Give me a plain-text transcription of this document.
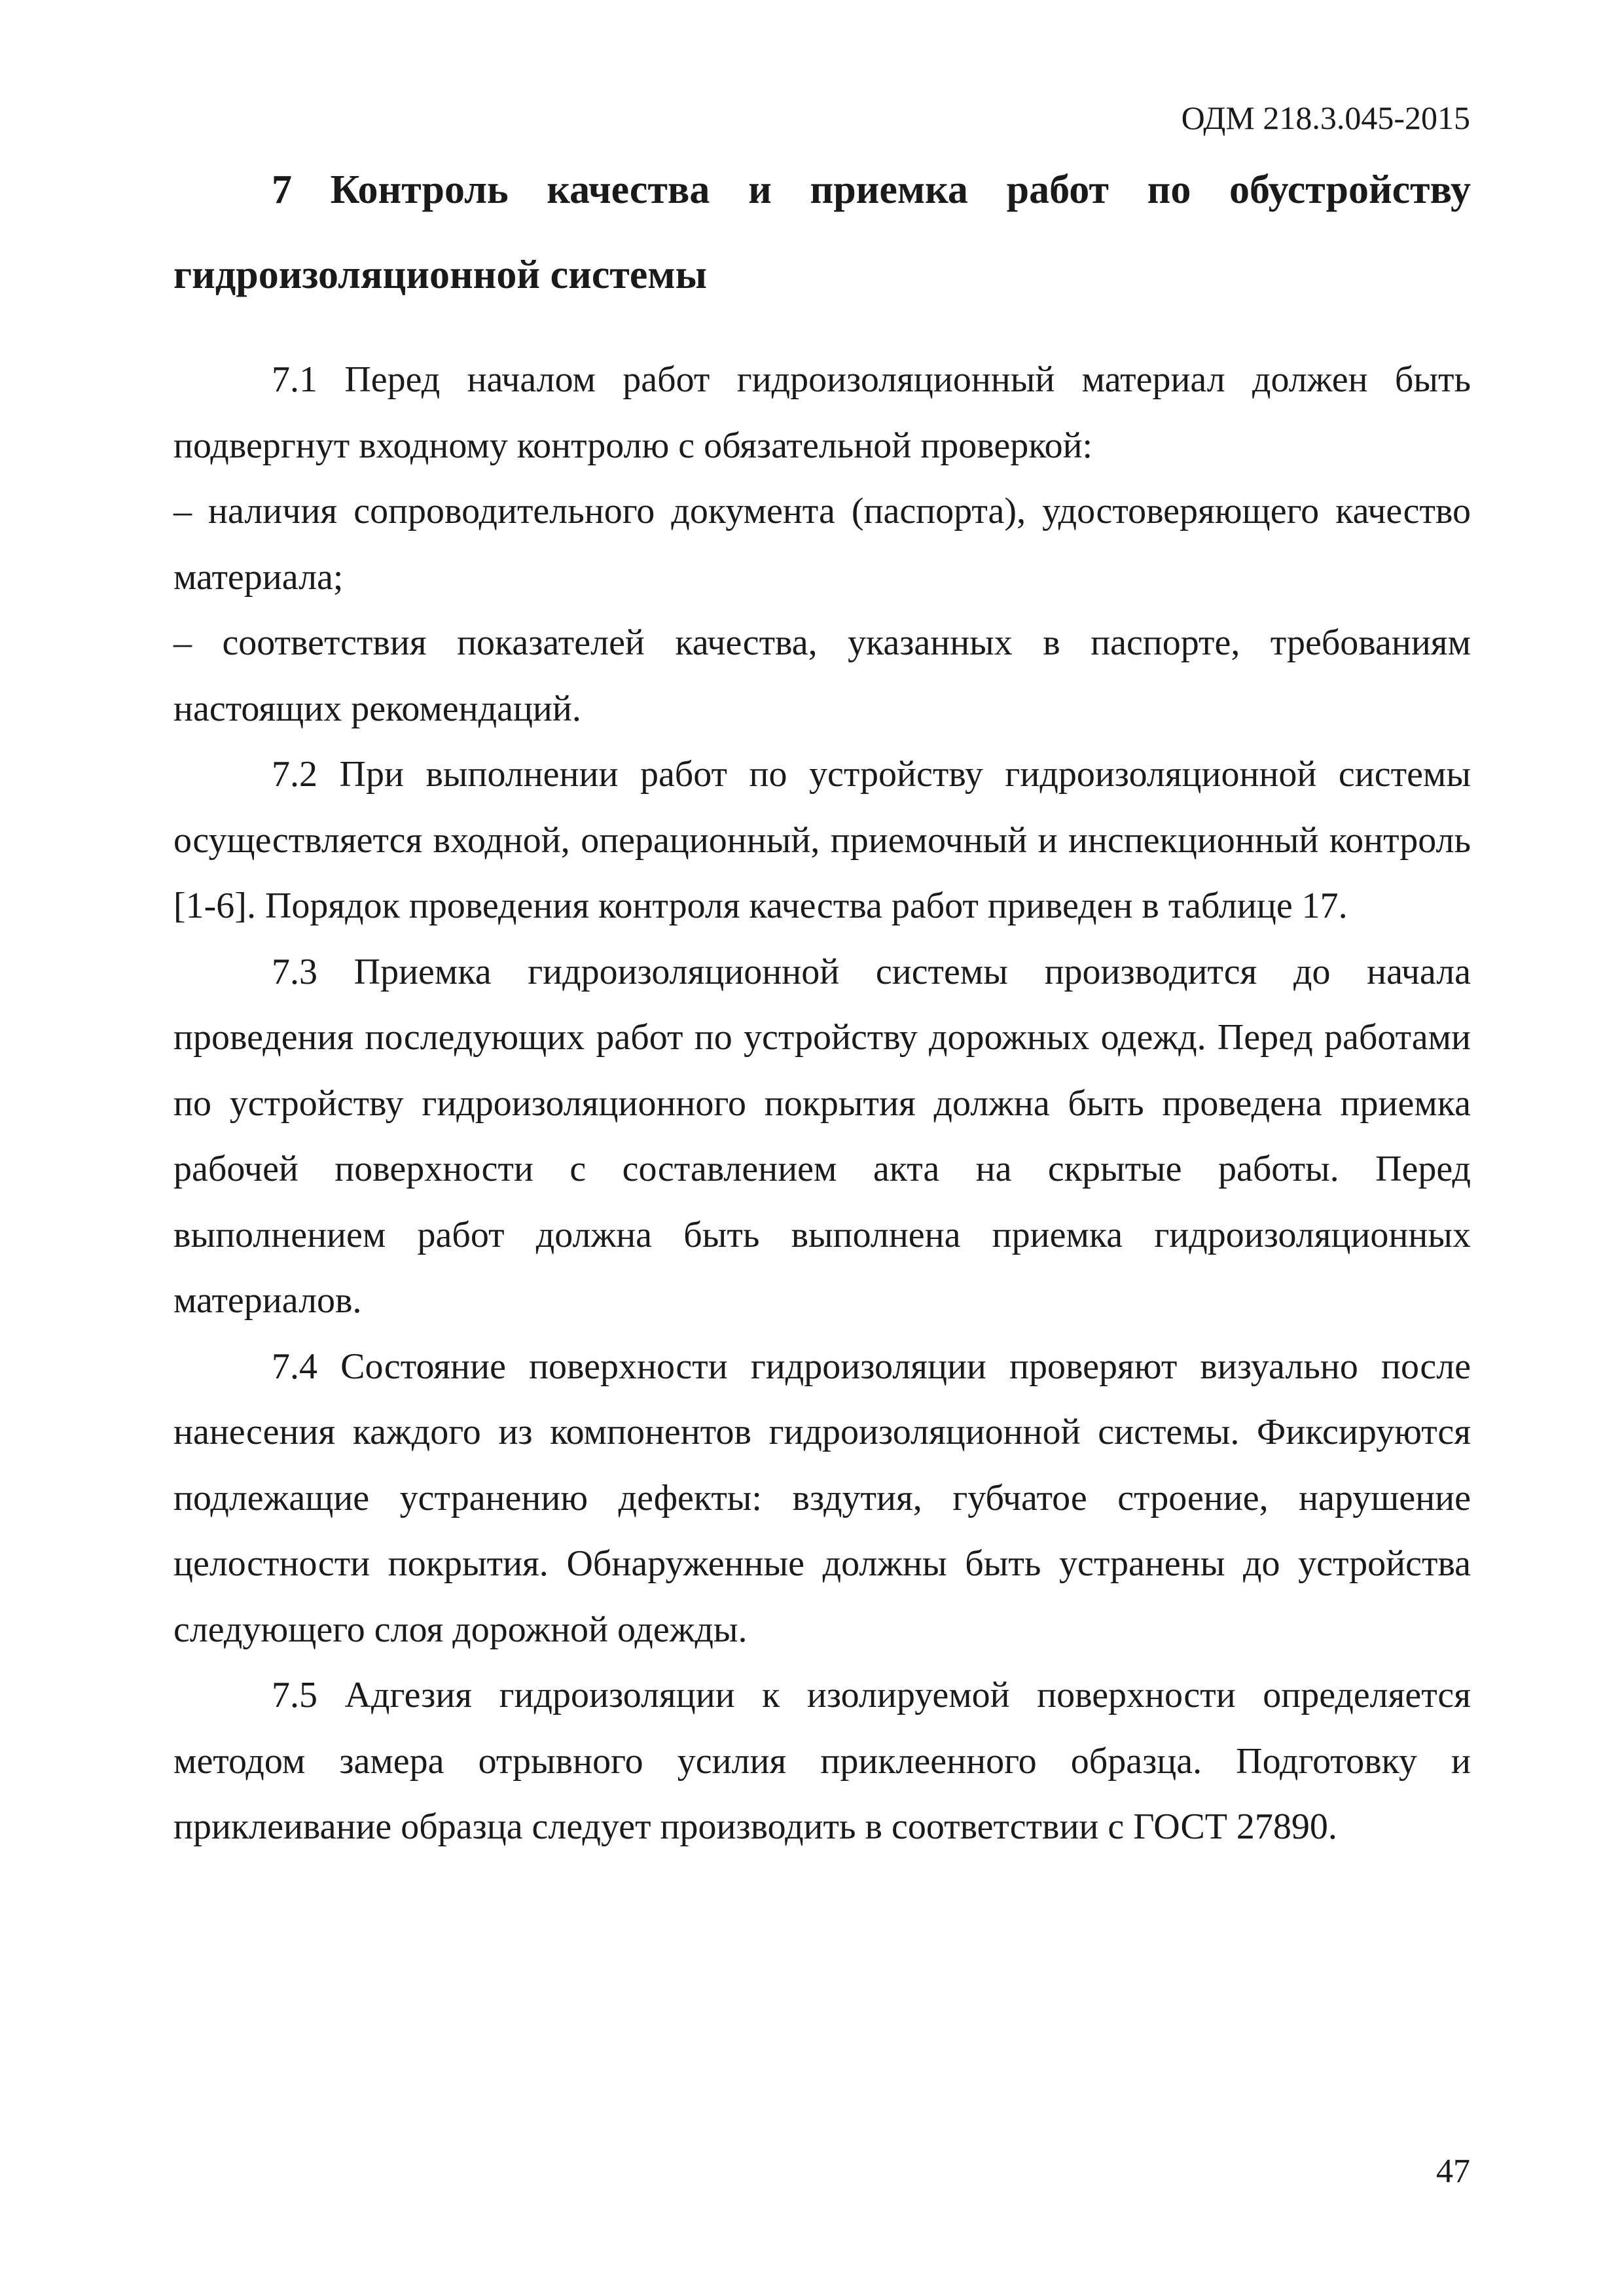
ОДМ 218.3.045-2015
7 Контроль качества и приемка работ по обустройству гидроизоляционной системы

7.1 Перед началом работ гидроизоляционный материал должен быть подвергнут входному контролю с обязательной проверкой:

– наличия сопроводительного документа (паспорта), удостоверяющего качество материала;

– соответствия показателей качества, указанных в паспорте, требованиям настоящих рекомендаций.

7.2 При выполнении работ по устройству гидроизоляционной системы осуществляется входной, операционный, приемочный и инспекционный контроль [1-6]. Порядок проведения контроля качества работ приведен в таблице 17.

7.3 Приемка гидроизоляционной системы производится до начала проведения последующих работ по устройству дорожных одежд. Перед работами по устройству гидроизоляционного покрытия должна быть проведена приемка рабочей поверхности с составлением акта на скрытые работы. Перед выполнением работ должна быть выполнена приемка гидроизоляционных материалов.

7.4 Состояние поверхности гидроизоляции проверяют визуально после нанесения каждого из компонентов гидроизоляционной системы. Фиксируются подлежащие устранению дефекты: вздутия, губчатое строение, нарушение целостности покрытия. Обнаруженные должны быть устранены до устройства следующего слоя дорожной одежды.

7.5 Адгезия гидроизоляции к изолируемой поверхности определяется методом замера отрывного усилия приклеенного образца. Подготовку и приклеивание образца следует производить в соответствии с ГОСТ 27890.

47
